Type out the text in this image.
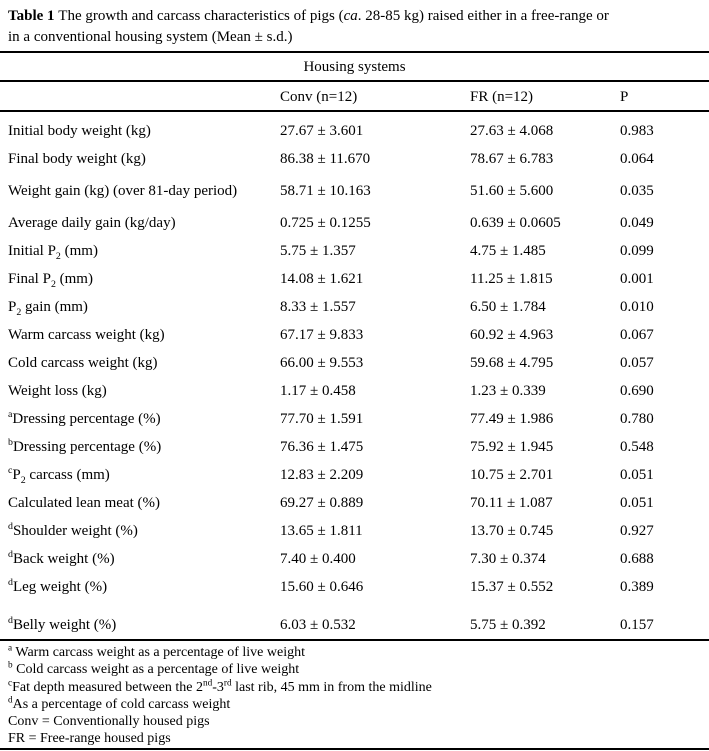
Table 1 The growth and carcass characteristics of pigs (ca. 28-85 kg) raised either in a free-range or
in a conventional housing system (Mean ± s.d.)

Housing systems
Conv (n=12)	FR (n=12)	P
Initial body weight (kg)	27.67 ± 3.601	27.63 ± 4.068	0.983
Final body weight (kg)	86.38 ± 11.670	78.67 ± 6.783	0.064
Weight gain (kg) (over 81-day period)	58.71 ± 10.163	51.60 ± 5.600	0.035
Average daily gain (kg/day)	0.725 ± 0.1255	0.639 ± 0.0605	0.049
Initial $P_2$ (mm)	5.75 ± 1.357	4.75 ± 1.485	0.099
Final $P_2$ (mm)	14.08 ± 1.621	11.25 ± 1.815	0.001
$P_2$ gain (mm)	8.33 ± 1.557	6.50 ± 1.784	0.010
Warm carcass weight (kg)	67.17 ± 9.833	60.92 ± 4.963	0.067
Cold carcass weight (kg)	66.00 ± 9.553	59.68 ± 4.795	0.057
Weight loss (kg)	1.17 ± 0.458	1.23 ± 0.339	0.690
$^a$Dressing percentage (%)	77.70 ± 1.591	77.49 ± 1.986	0.780
$^b$Dressing percentage (%)	76.36 ± 1.475	75.92 ± 1.945	0.548
$^cP_2$ carcass (mm)	12.83 ± 2.209	10.75 ± 2.701	0.051
Calculated lean meat (%)	69.27 ± 0.889	70.11 ± 1.087	0.051
$^d$Shoulder weight (%)	13.65 ± 1.811	13.70 ± 0.745	0.927
$^d$Back weight (%)	7.40 ± 0.400	7.30 ± 0.374	0.688
$^d$Leg weight (%)	15.60 ± 0.646	15.37 ± 0.552	0.389
$^d$Belly weight (%)	6.03 ± 0.532	5.75 ± 0.392	0.157
$^a$ Warm carcass weight as a percentage of live weight
$^b$ Cold carcass weight as a percentage of live weight
$^c$Fat depth measured between the 2nd-3rd last rib, 45 mm in from the midline
$^d$As a percentage of cold carcass weight
Conv = Conventionally housed pigs
FR = Free-range housed pigs
